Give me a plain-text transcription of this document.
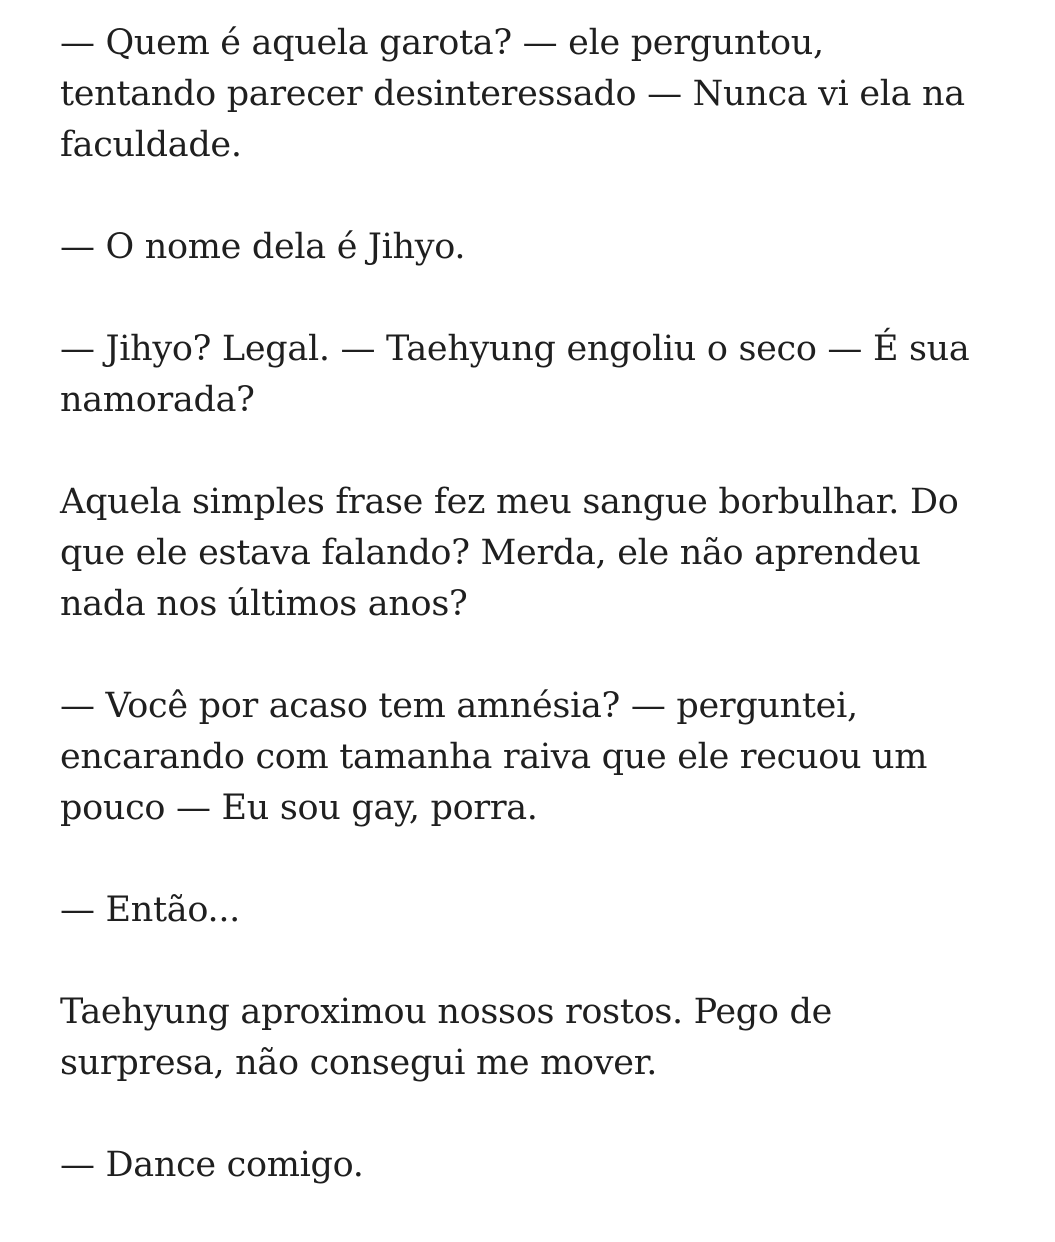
— Quem é aquela garota? — ele perguntou,
tentando parecer desinteressado — Nunca vi ela na
faculdade.

— O nome dela é Jihyo.

— Jihyo? Legal. — Taehyung engoliu o seco — É sua
namorada?

Aquela simples frase fez meu sangue borbulhar. Do
que ele estava falando? Merda, ele não aprendeu
nada nos últimos anos?

— Você por acaso tem amnésia? — perguntei,
encarando com tamanha raiva que ele recuou um
pouco — Eu sou gay, porra.

— Então...

Taehyung aproximou nossos rostos. Pego de
surpresa, não consegui me mover.

— Dance comigo.
